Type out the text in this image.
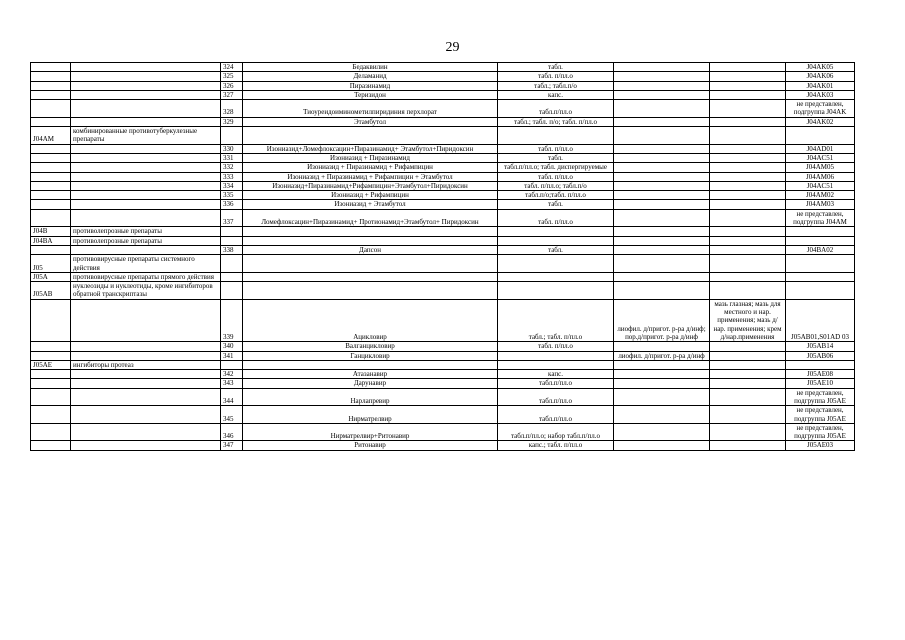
29
		324	Бедаквилин	табл.			J04AK05
		325	Деламанид	табл. п/пл.о			J04AK06
		326	Пиразинамид	табл.; табл.п/о			J04AK01
		327	Теризидон	капс.			J04AK03
		328	Тиоуреидоиминометилпиридиния перхлорат	табл.п/пл.о			не представлен, подгруппа J04AK
		329	Этамбутол	табл.; табл. п/о; табл. п/пл.о			J04AK02
J04AM	комбинированные противотуберкулезные препараты						
		330	Изониазид+Ломефлоксацин+Пиразинамид+ Этамбутол+Пиридоксин	табл. п/пл.о			J04AD01
		331	Изониазид + Пиразинамид	табл.			J04AC51
		332	Изониазид + Пиразинамид + Рифампицин	табл.п/пл.о; табл. диспергируемые			J04AM05
		333	Изониазид + Пиразинамид + Рифампицин + Этамбутол	табл. п/пл.о			J04AM06
		334	Изониазид+Пиразинамид+Рифампицин+Этамбутол+Пиридоксин	табл. п/пл.о; табл.п/о			J04AC51
		335	Изониазид + Рифампицин	табл.п/о;табл. п/пл.о			J04AM02
		336	Изониазид + Этамбутол	табл.			J04AM03
		337	Ломефлоксацин+Пиразинамид+ Протионамид+Этамбутол+ Пиридоксин	табл. п/пл.о			не представлен, подгруппа J04AM
J04B	противолепрозные препараты						
J04BA	противолепрозные препараты						
		338	Дапсон	табл.			J04BA02
J05	противовирусные препараты системного действия						
J05A	противовирусные препараты прямого действия						
J05AB	нуклеозиды и нуклеотиды, кроме ингибиторов обратной транскриптазы						
		339	Ацикловир	табл.; табл. п/пл.о	лиофил. д/пригот. р-ра д/инф; пор.д/пригот. р-ра д/инф	мазь глазная; мазь для местного и нар. применения; мазь д/нар. применения; крем д/нар.применения	J05AB01,S01AD 03
		340	Валганцикловир	табл. п/пл.о			J05AB14
		341	Ганцикловир		лиофил. д/пригот. р-ра д/инф		J05AB06
J05AE	ингибиторы протеаз						
		342	Атазанавир	капс.			J05AE08
		343	Дарунавир	табл.п/пл.о			J05AE10
		344	Нарлапревир	табл.п/пл.о			не представлен, подгруппа J05AE
		345	Нирматрелвир	табл.п/пл.о			не представлен, подгруппа J05AE
		346	Нирматрелвир+Ритонавир	табл.п/пл.о; набор табл.п/пл.о			не представлен, подгруппа J05AE
		347	Ритонавир	капс.; табл. п/пл.о			J05AE03
